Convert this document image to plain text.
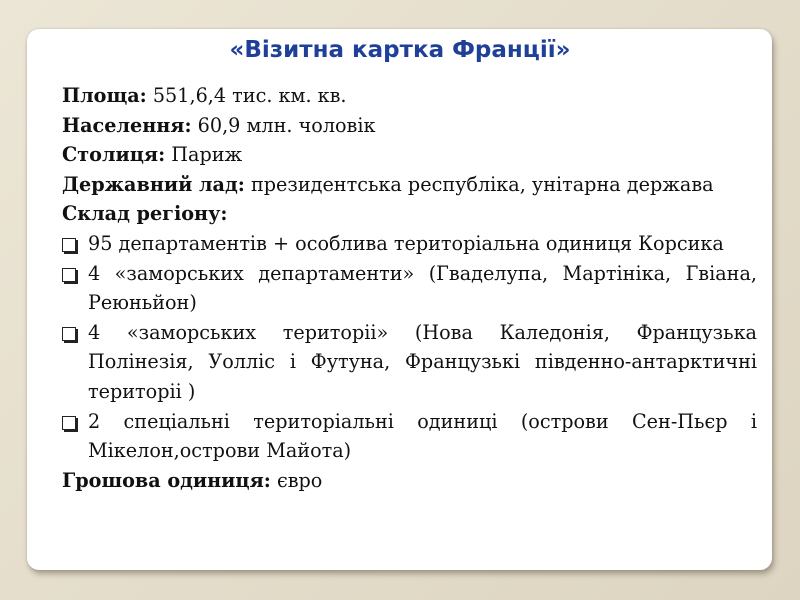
«Візитна картка Франції»
Площа: 551,6,4 тис. км. кв.
Населення: 60,9 млн. чоловік
Столиця: Париж
Державний лад: президентська республіка, унітарна держава
Склад регіону:
95 департаментів + особлива територіальна одиниця Корсика
4 «заморських департаменти» (Гваделупа, Мартініка, Гвіана, Реюньйон)
4 «заморських територіі» (Нова Каледонія, Французька Полінезія, Уолліс і Футуна, Французькі південно-антарктичні територіі )
2 спеціальні територіальні одиниці (острови Сен-Пьєр і Мікелон,острови Майота)
Грошова одиниця: євро
